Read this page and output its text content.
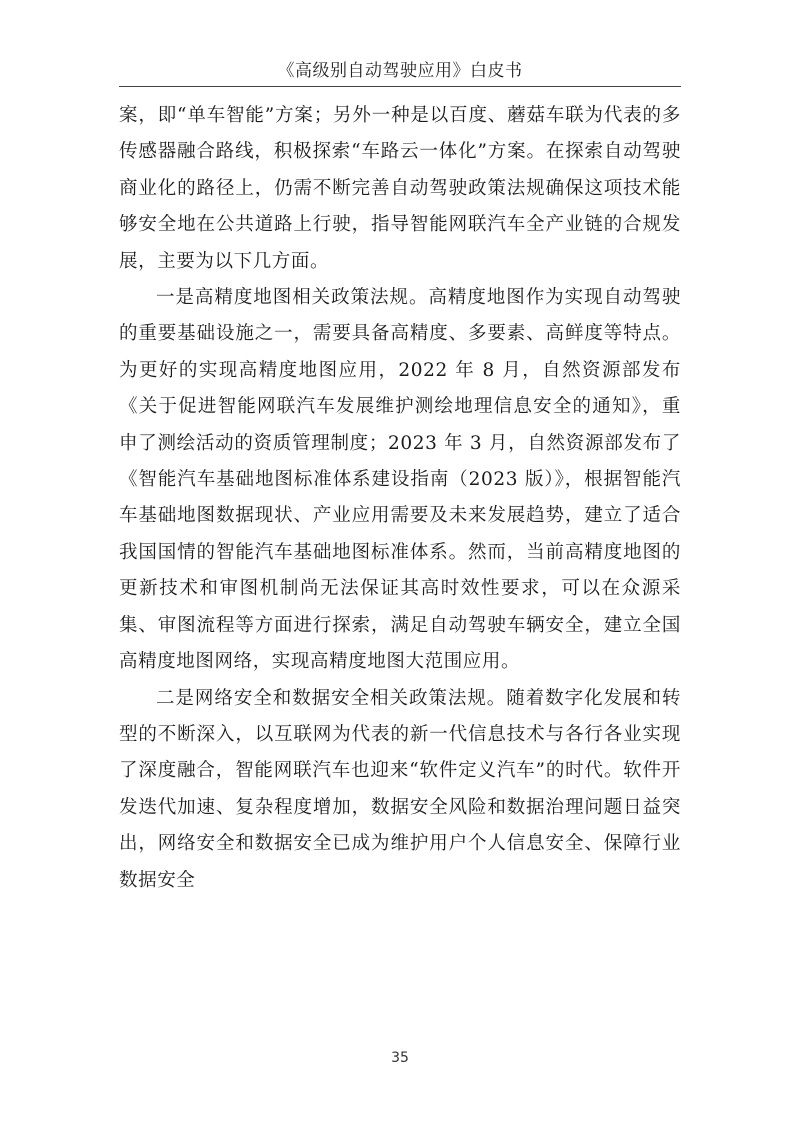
《高级别自动驾驶应用》白皮书

案，即“单车智能”方案；另外一种是以百度、蘑菇车联为代表的多传感器融合路线，积极探索“车路云一体化”方案。在探索自动驾驶商业化的路径上，仍需不断完善自动驾驶政策法规确保这项技术能够安全地在公共道路上行驶，指导智能网联汽车全产业链的合规发展，主要为以下几方面。

一是高精度地图相关政策法规。高精度地图作为实现自动驾驶的重要基础设施之一，需要具备高精度、多要素、高鲜度等特点。为更好的实现高精度地图应用，2022 年 8 月，自然资源部发布《关于促进智能网联汽车发展维护测绘地理信息安全的通知》，重申了测绘活动的资质管理制度；2023 年 3 月，自然资源部发布了《智能汽车基础地图标准体系建设指南（2023 版）》，根据智能汽车基础地图数据现状、产业应用需要及未来发展趋势，建立了适合我国国情的智能汽车基础地图标准体系。然而，当前高精度地图的更新技术和审图机制尚无法保证其高时效性要求，可以在众源采集、审图流程等方面进行探索，满足自动驾驶车辆安全，建立全国高精度地图网络，实现高精度地图大范围应用。

二是网络安全和数据安全相关政策法规。随着数字化发展和转型的不断深入，以互联网为代表的新一代信息技术与各行各业实现了深度融合，智能网联汽车也迎来“软件定义汽车”的时代。软件开发迭代加速、复杂程度增加，数据安全风险和数据治理问题日益突出，网络安全和数据安全已成为维护用户个人信息安全、保障行业数据安全

35
